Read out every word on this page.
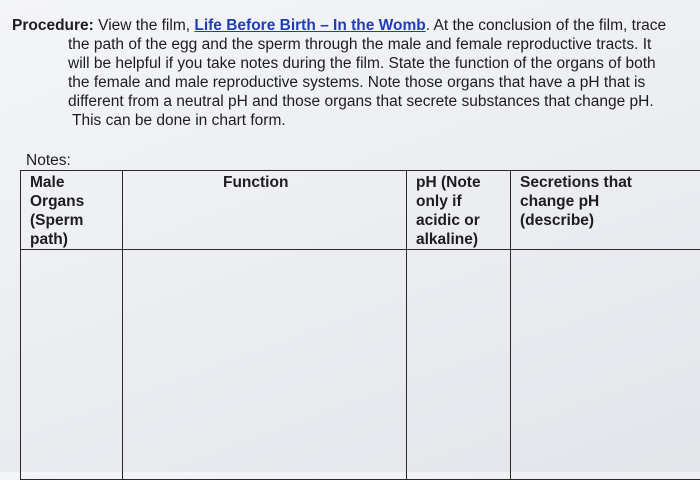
Procedure: View the film, Life Before Birth – In the Womb. At the conclusion of the film, trace
the path of the egg and the sperm through the male and female reproductive tracts. It
will be helpful if you take notes during the film. State the function of the organs of both
the female and male reproductive systems. Note those organs that have a pH that is
different from a neutral pH and those organs that secrete substances that change pH.
This can be done in chart form.
Notes:
Male
Organs
(Sperm
path)	Function	pH (Note
only if
acidic or
alkaline)	Secretions that
change pH
(describe)
